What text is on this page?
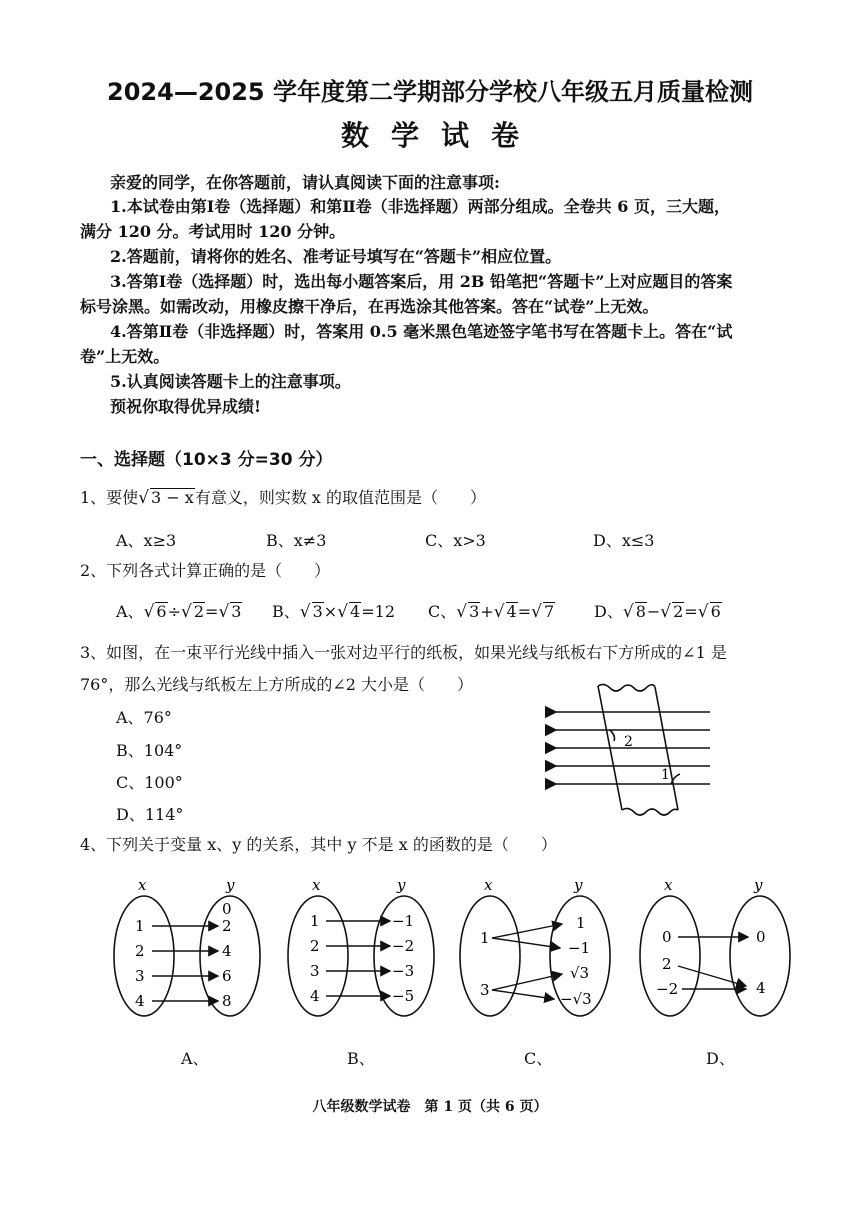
2024—2025 学年度第二学期部分学校八年级五月质量检测
数学试卷
亲爱的同学，在你答题前，请认真阅读下面的注意事项:
1.本试卷由第Ⅰ卷（选择题）和第Ⅱ卷（非选择题）两部分组成。全卷共 6 页，三大题，
满分 120 分。考试用时 120 分钟。
2.答题前，请将你的姓名、准考证号填写在“答题卡”相应位置。
3.答第Ⅰ卷（选择题）时，选出每小题答案后，用 2B 铅笔把“答题卡”上对应题目的答案
标号涂黑。如需改动，用橡皮擦干净后，在再选涂其他答案。答在“试卷”上无效。
4.答第Ⅱ卷（非选择题）时，答案用 0.5 毫米黑色笔迹签字笔书写在答题卡上。答在“试
卷”上无效。
5.认真阅读答题卡上的注意事项。
预祝你取得优异成绩!
一、选择题（10×3 分=30 分）
1、要使√ 3 − x有意义，则实数 x 的取值范围是（　　）
A、x≥3	B、x≠3	C、x>3	D、x≤3
2、下列各式计算正确的是（　　）
A、√ 6÷√ 2=√ 3 B、√ 3×√ 4=12 C、√ 3+√ 4=√ 7 D、√ 8−√ 2=√ 6
3、如图，在一束平行光线中插入一张对边平行的纸板，如果光线与纸板右下方所成的∠1 是
76°，那么光线与纸板左上方所成的∠2 大小是（　　）
A、76°
B、104°
C、100°
D、114°
2
1
4、下列关于变量 x、y 的关系，其中 y 不是 x 的函数的是（　　）
x	y
1
2
3
4
0
2
4
6
8
A、
x	y
1
2
3
4
−1
−2
−3
−5
B、
x	y
1
3
1
−1
√3
−√3
C、
x	y
0
2
−2
0
4
D、
八年级数学试卷　第 1 页（共 6 页）
